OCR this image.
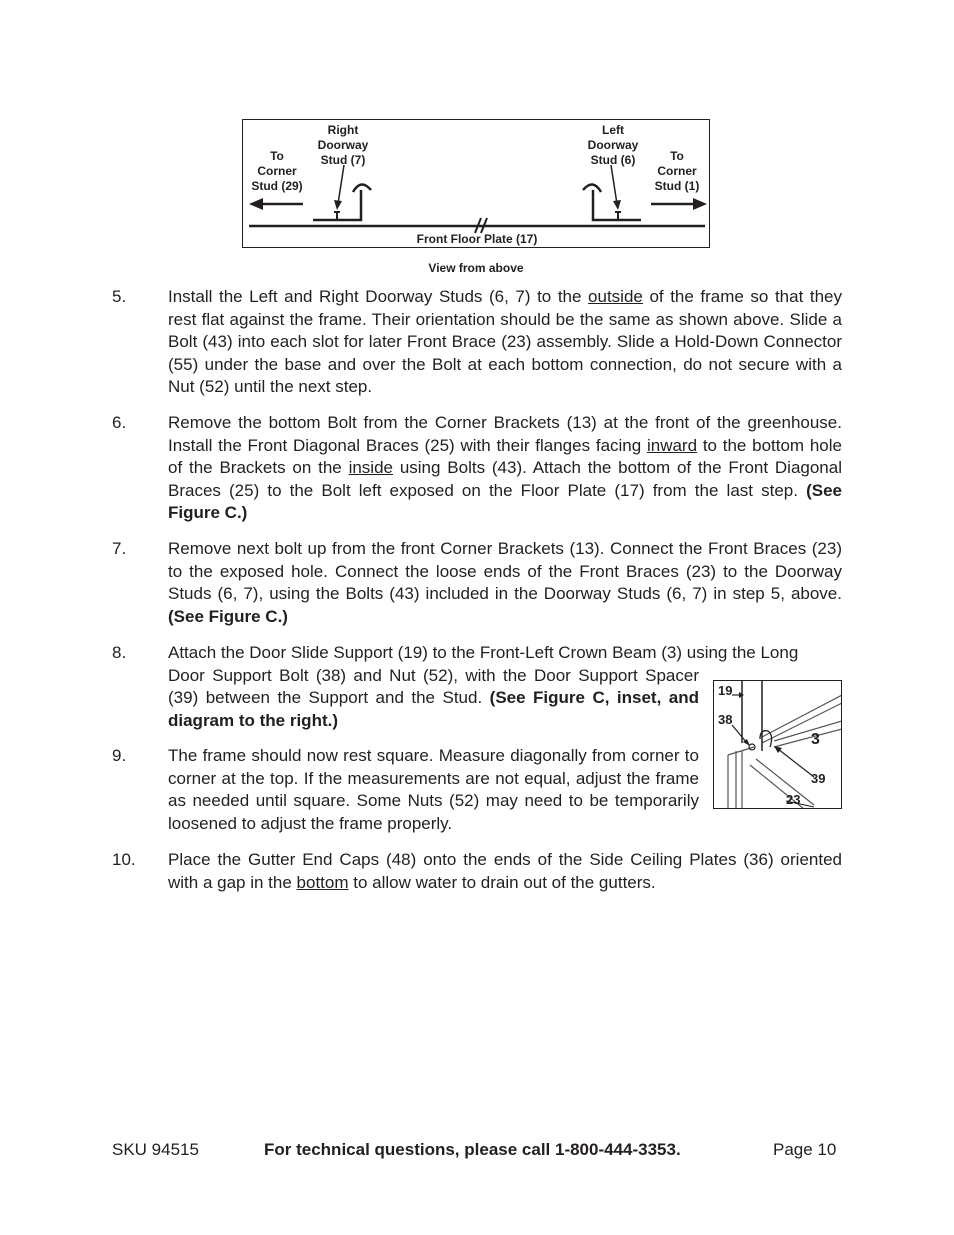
To
Corner
Stud (29)
Right
Doorway
Stud (7)
Left
Doorway
Stud (6)	To
Corner
Stud (1)
Front Floor Plate (17)
View from above
5. Install the Left and Right Doorway Studs (6, 7) to the outside of the frame so that they rest flat against the frame. Their orientation should be the same as shown above. Slide a Bolt (43) into each slot for later Front Brace (23) assembly. Slide a Hold-Down Connector (55) under the base and over the Bolt at each bottom connection, do not secure with a Nut (52) until the next step.
6. Remove the bottom Bolt from the Corner Brackets (13) at the front of the greenhouse. Install the Front Diagonal Braces (25) with their flanges facing inward to the bottom hole of the Brackets on the inside using Bolts (43). Attach the bottom of the Front Diagonal Braces (25) to the Bolt left exposed on the Floor Plate (17) from the last step. (See Figure C.)
7. Remove next bolt up from the front Corner Brackets (13). Connect the Front Braces (23) to the exposed hole. Connect the loose ends of the Front Braces (23) to the Doorway Studs (6, 7), using the Bolts (43) included in the Doorway Studs (6, 7) in step 5, above. (See Figure C.)
8. Attach the Door Slide Support (19) to the Front-Left Crown Beam (3) using the Long
Door Support Bolt (38) and Nut (52), with the Door Support Spacer (39) between the Support and the Stud. (See Figure C, inset, and diagram to the right.)
9. The frame should now rest square. Measure diagonally from corner to corner at the top. If the measurements are not equal, adjust the frame as needed until square. Some Nuts (52) may need to be temporarily loosened to adjust the frame properly.
10. Place the Gutter End Caps (48) onto the ends of the Side Ceiling Plates (36) oriented with a gap in the bottom to allow water to drain out of the gutters.
19
38
3
39
23
SKU 94515	For technical questions, please call 1-800-444-3353.	Page 10
